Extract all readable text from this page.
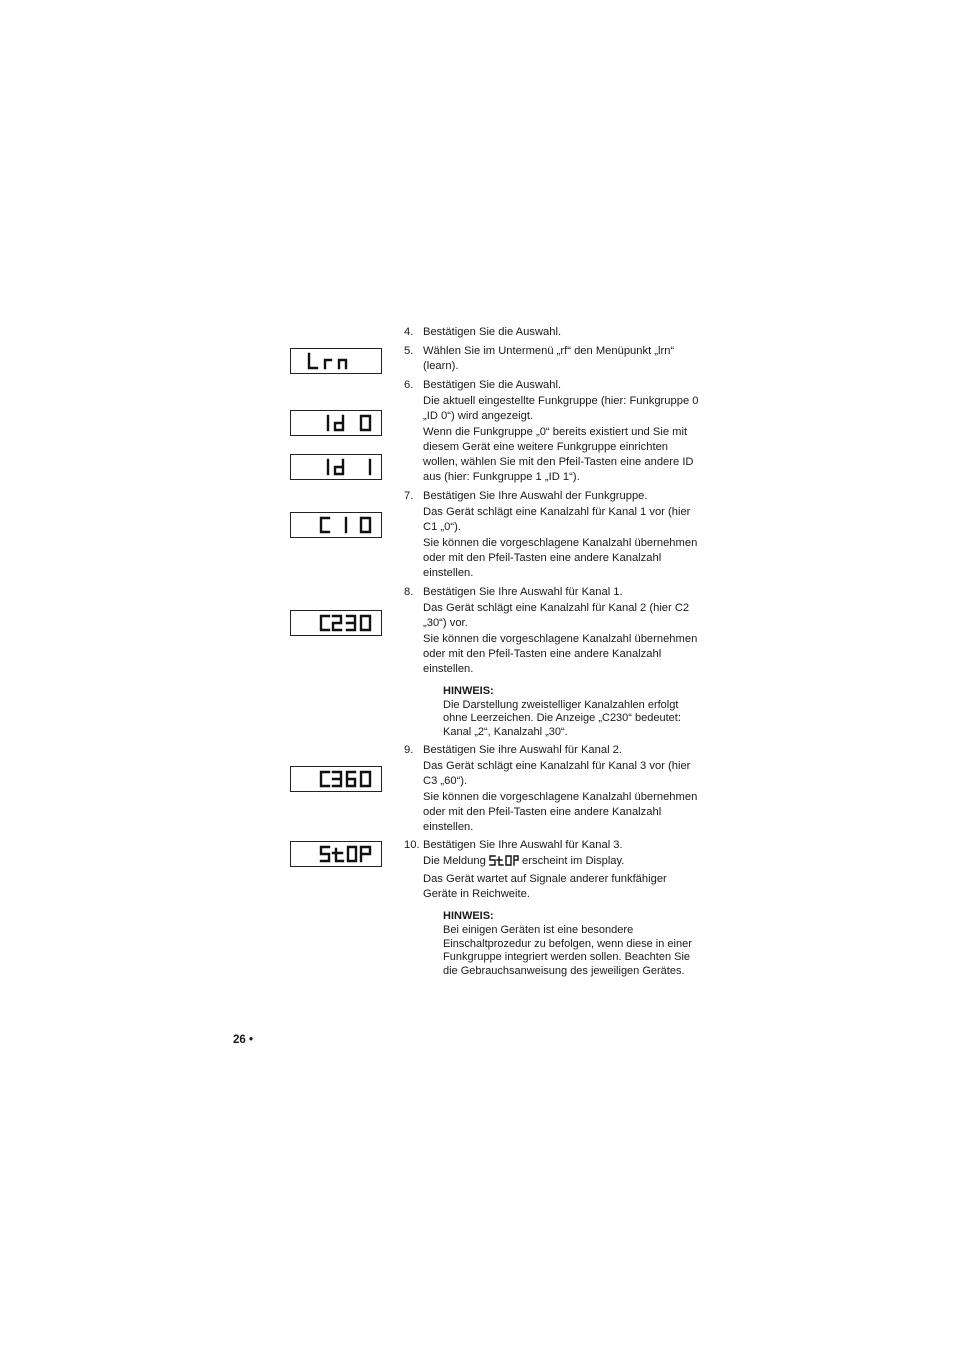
4. Bestätigen Sie die Auswahl.

5. Wählen Sie im Untermenü „rf“ den Menüpunkt „lrn“ (learn).

6. Bestätigen Sie die Auswahl.

Die aktuell eingestellte Funkgruppe (hier: Funkgruppe 0 „ID 0“) wird angezeigt.

Wenn die Funkgruppe „0“ bereits existiert und Sie mit diesem Gerät eine weitere Funkgruppe einrichten wollen, wählen Sie mit den Pfeil-Tasten eine andere ID aus (hier: Funkgruppe 1 „ID 1“).

7. Bestätigen Sie Ihre Auswahl der Funkgruppe.

Das Gerät schlägt eine Kanalzahl für Kanal 1 vor (hier C1 „0“).

Sie können die vorgeschlagene Kanalzahl übernehmen oder mit den Pfeil-Tasten eine andere Kanalzahl einstellen.

8. Bestätigen Sie Ihre Auswahl für Kanal 1.

Das Gerät schlägt eine Kanalzahl für Kanal 2 (hier C2 „30“) vor.

Sie können die vorgeschlagene Kanalzahl übernehmen oder mit den Pfeil-Tasten eine andere Kanalzahl einstellen.

HINWEIS:
Die Darstellung zweistelliger Kanalzahlen erfolgt ohne Leerzeichen. Die Anzeige „C230“ bedeutet: Kanal „2“, Kanalzahl „30“.
9. Bestätigen Sie ihre Auswahl für Kanal 2.

Das Gerät schlägt eine Kanalzahl für Kanal 3 vor (hier C3 „60“).

Sie können die vorgeschlagene Kanalzahl übernehmen oder mit den Pfeil-Tasten eine andere Kanalzahl einstellen.

10. Bestätigen Sie Ihre Auswahl für Kanal 3.

Die Meldung	erscheint im Display.

Das Gerät wartet auf Signale anderer funkfähiger Geräte in Reichweite.

HINWEIS:
Bei einigen Geräten ist eine besondere Einschaltprozedur zu befolgen, wenn diese in einer Funkgruppe integriert werden sollen. Beachten Sie die Gebrauchsanweisung des jeweiligen Gerätes.
26 •
